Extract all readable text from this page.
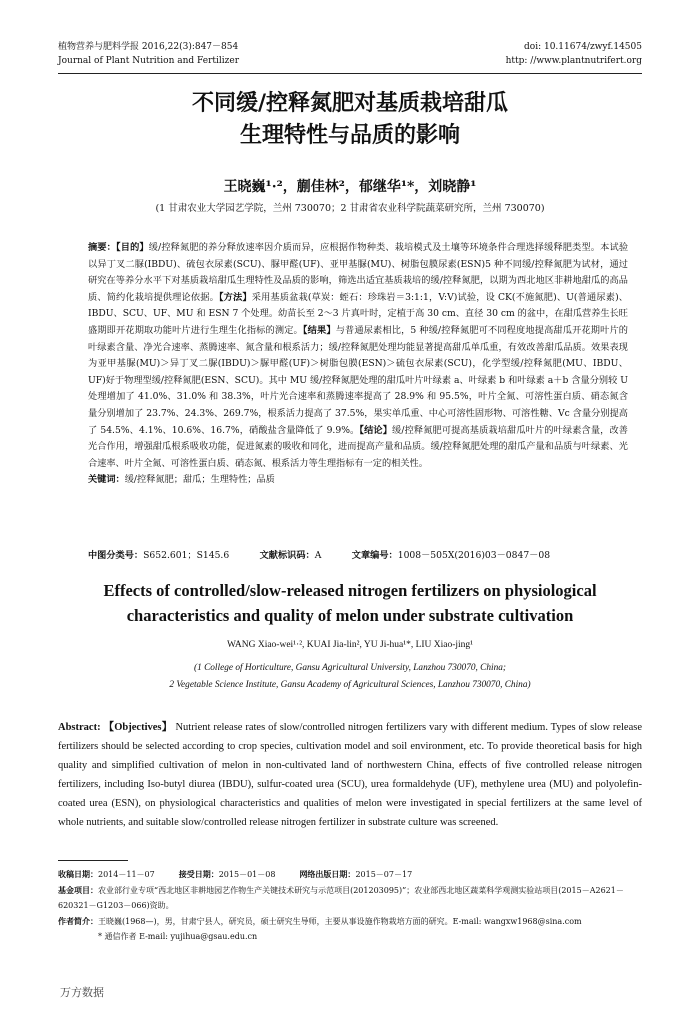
植物营养与肥料学报 2016,22(3):847－854
Journal of Plant Nutrition and Fertilizer
doi: 10.11674/zwyf.14505
http: //www.plantnutrifert.org
不同缓/控释氮肥对基质栽培甜瓜
生理特性与品质的影响
王晓巍¹·²，蒯佳林²，郁继华¹*，刘晓静¹
(1 甘肃农业大学园艺学院，兰州 730070；2 甘肃省农业科学院蔬菜研究所，兰州 730070)
摘要：【目的】缓/控释氮肥的养分释放速率因介质而异，应根据作物种类、栽培模式及土壤等环境条件合理选择缓释肥类型。本试验以异丁叉二脲(IBDU)、硫包衣尿素(SCU)、脲甲醛(UF)、亚甲基脲(MU)、树脂包膜尿素(ESN)5 种不同缓/控释氮肥为试材，通过研究在等养分水平下对基质栽培甜瓜生理特性及品质的影响，筛选出适宜基质栽培的缓/控释氮肥，以期为西北地区非耕地甜瓜的高品质、简约化栽培提供理论依据。【方法】采用基质盆栽(草炭：蛭石：珍珠岩＝3:1:1，V:V)试验，设 CK(不施氮肥)、U(普通尿素)、IBDU、SCU、UF、MU 和 ESN 7 个处理。幼苗长至 2～3 片真叶时，定植于高 30 cm、直径 30 cm 的盆中，在甜瓜营养生长旺盛期即开花期取功能叶片进行生理生化指标的测定。【结果】与普通尿素相比，5 种缓/控释氮肥可不同程度地提高甜瓜开花期叶片的叶绿素含量、净光合速率、蒸腾速率、氮含量和根系活力；缓/控释氮肥处理均能显著提高甜瓜单瓜重，有效改善甜瓜品质。效果表现为亚甲基脲(MU)＞异丁叉二脲(IBDU)＞脲甲醛(UF)＞树脂包膜(ESN)＞硫包衣尿素(SCU)，化学型缓/控释氮肥(MU、IBDU、UF)好于物理型缓/控释氮肥(ESN、SCU)。其中 MU 缓/控释氮肥处理的甜瓜叶片叶绿素 a、叶绿素 b 和叶绿素 a＋b 含量分别较 U 处理增加了 41.0%、31.0% 和 38.3%，叶片光合速率和蒸腾速率提高了 28.9% 和 95.5%，叶片全氮、可溶性蛋白质、硝态氮含量分别增加了 23.7%、24.3%、269.7%，根系活力提高了 37.5%，果实单瓜重、中心可溶性固形物、可溶性糖、Vc 含量分别提高了 54.5%、4.1%、10.6%、16.7%，硝酸盐含量降低了 9.9%。【结论】缓/控释氮肥可提高基质栽培甜瓜叶片的叶绿素含量，改善光合作用，增强甜瓜根系吸收功能，促进氮素的吸收和同化，进而提高产量和品质。缓/控释氮肥处理的甜瓜产量和品质与叶绿素、光合速率、叶片全氮、可溶性蛋白质、硝态氮、根系活力等生理指标有一定的相关性。
关键词：缓/控释氮肥；甜瓜；生理特性；品质
中图分类号：S652.601；S145.6	文献标识码：A	文章编号：1008－505X(2016)03－0847－08
Effects of controlled/slow-released nitrogen fertilizers on physiological
characteristics and quality of melon under substrate cultivation
WANG Xiao-wei¹·², KUAI Jia-lin², YU Ji-hua¹*, LIU Xiao-jing¹
(1 College of Horticulture, Gansu Agricultural University, Lanzhou 730070, China;
2 Vegetable Science Institute, Gansu Academy of Agricultural Sciences, Lanzhou 730070, China)
Abstract: 【Objectives】 Nutrient release rates of slow/controlled nitrogen fertilizers vary with different medium. Types of slow release fertilizers should be selected according to crop species, cultivation model and soil environment, etc. To provide theoretical basis for high quality and simplified cultivation of melon in non-cultivated land of northwestern China, effects of five controlled release nitrogen fertilizers, including Iso-butyl diurea (IBDU), sulfur-coated urea (SCU), urea formaldehyde (UF), methylene urea (MU) and polyolefin-coated urea (ESN), on physiological characteristics and qualities of melon were investigated in special fertilizers at the same level of whole nutrients, and suitable slow/controlled release nitrogen fertilizer in substrate culture was screened.
收稿日期：2014－11－07	接受日期：2015－01－08	网络出版日期：2015－07－17
基金项目：农业部行业专项“西北地区非耕地园艺作物生产关键技术研究与示范项目(201203095)”；农业部西北地区蔬菜科学观测实验站项目(2015－A2621－620321－G1203－066)资助。
作者简介：王晓巍(1968—)，男，甘肃宁县人，研究员，硕士研究生导师，主要从事设施作物栽培方面的研究。E-mail: wangxw1968@sina.com
* 通信作者 E-mail: yujihua@gsau.edu.cn
万方数据
